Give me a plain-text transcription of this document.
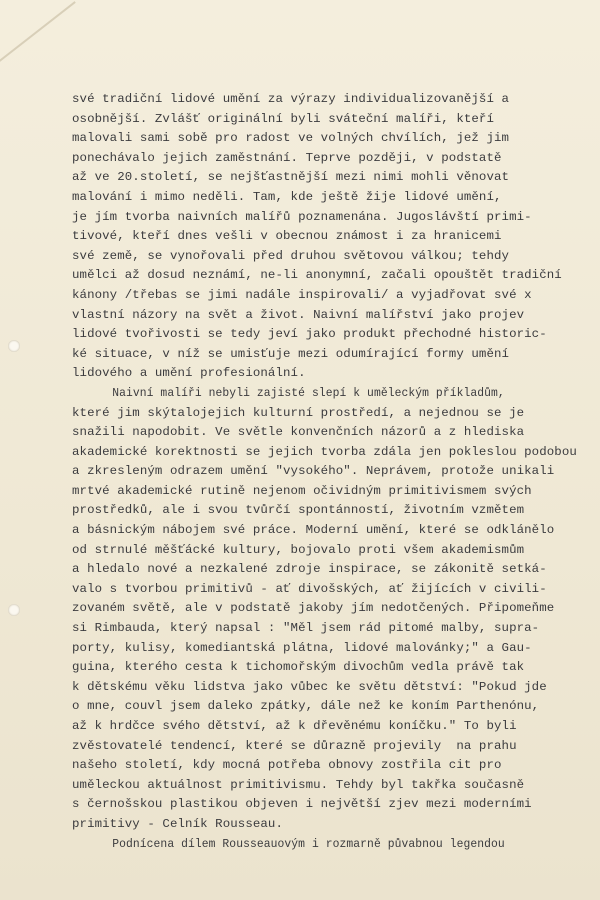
své tradiční lidové umění za výrazy individualizovanější a
osobnější. Zvlášť originální byli sváteční malíři, kteří
malovali sami sobě pro radost ve volných chvílích, jež jim
ponechávalo jejich zaměstnání. Teprve později, v podstatě
až ve 20.století, se nejšťastnější mezi nimi mohli věnovat
malování i mimo neděli. Tam, kde ještě žije lidové umění,
je jím tvorba naivních malířů poznamenána. Jugoslávští primi-
tivové, kteří dnes vešli v obecnou známost i za hranicemi
své země, se vynořovali před druhou světovou válkou; tehdy
umělci až dosud neznámí, ne-li anonymní, začali opouštět tradiční
kánony /třebas se jimi nadále inspirovali/ a vyjadřovat své x
vlastní názory na svět a život. Naivní malířství jako projev
lidové tvořivosti se tedy jeví jako produkt přechodné historic-
ké situace, v níž se umisťuje mezi odumírající formy umění
lidového a umění profesionální.
Naivní malíři nebyli zajisté slepí k uměleckým příkladům,
které jim skýtalojejich kulturní prostředí, a nejednou se je
snažili napodobit. Ve světle konvenčních názorů a z hlediska
akademické korektnosti se jejich tvorba zdála jen pokleslou podobou
a zkresleným odrazem umění "vysokého". Neprávem, protože unikali
mrtvé akademické rutině nejenom očividným primitivismem svých
prostředků, ale i svou tvůrčí spontánností, životním vzmětem
a básnickým nábojem své práce. Moderní umění, které se odklánělo
od strnulé měšťácké kultury, bojovalo proti všem akademismům
a hledalo nové a nezkalené zdroje inspirace, se zákonitě setká-
valo s tvorbou primitivů - ať divošských, ať žijících v civili-
zovaném světě, ale v podstatě jakoby jím nedotčených. Připomeňme
si Rimbauda, který napsal : "Měl jsem rád pitomé malby, supra-
porty, kulisy, komediantská plátna, lidové malovánky;" a Gau-
guina, kterého cesta k tichomořským divochům vedla právě tak
k dětskému věku lidstva jako vůbec ke světu dětství: "Pokud jde
o mne, couvl jsem daleko zpátky, dále než ke koním Parthenónu,
až k hrdčce svého dětství, až k dřevěnému koníčku." To byli
zvěstovatelé tendencí, které se důrazně projevily  na prahu
našeho století, kdy mocná potřeba obnovy zostřila cit pro
uměleckou aktuálnost primitivismu. Tehdy byl takřka současně
s černošskou plastikou objeven i největší zjev mezi moderními
primitivy - Celník Rousseau.
Podnícena dílem Rousseauovým i rozmarně půvabnou legendou
